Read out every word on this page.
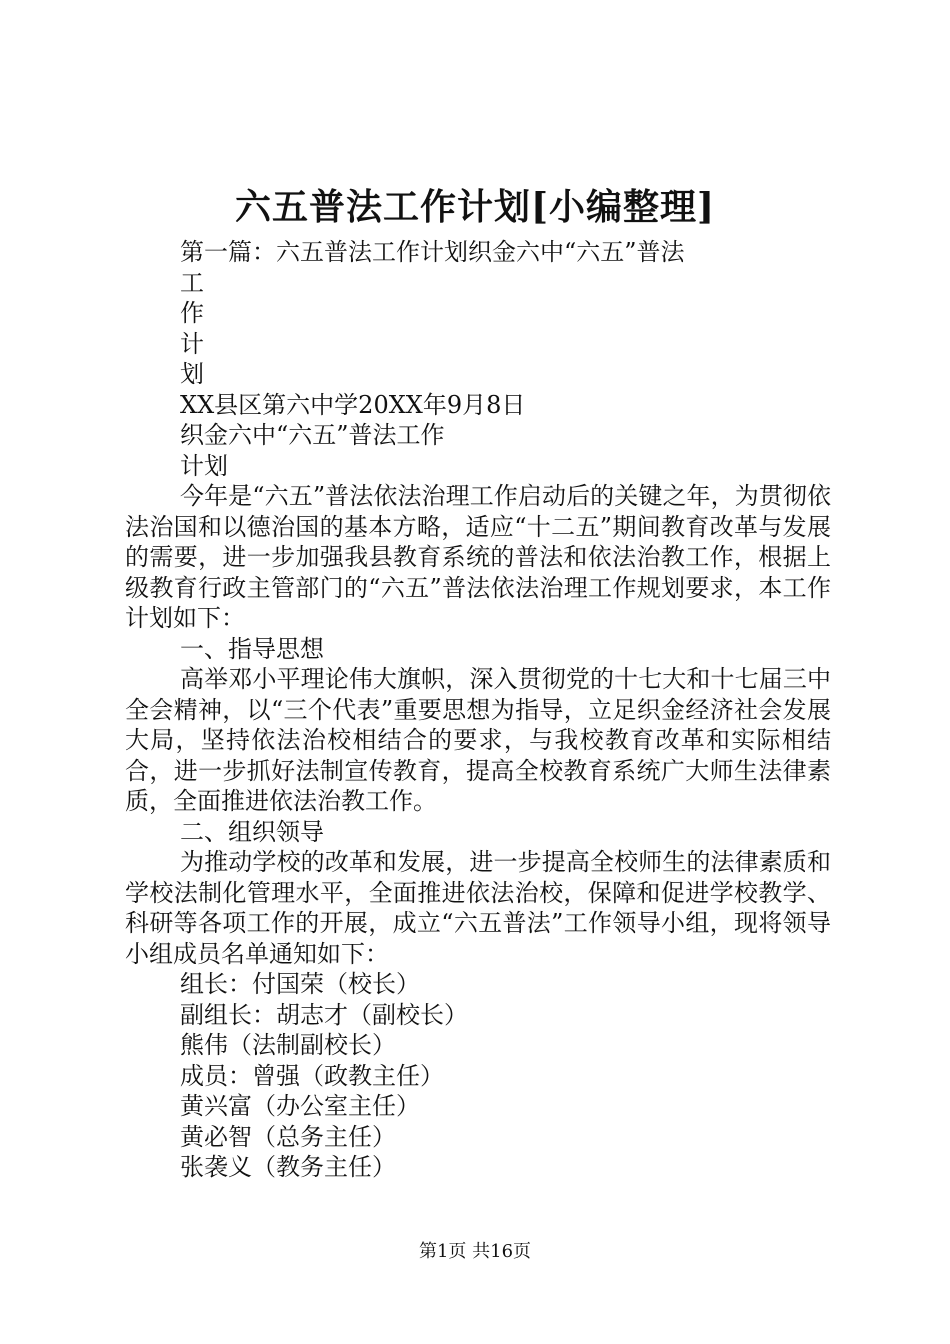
六五普法工作计划[小编整理]

第一篇：六五普法工作计划织金六中“六五”普法

工

作

计

划

XX县区第六中学20XX年9月8日

织金六中“六五”普法工作

计划

今年是“六五”普法依法治理工作启动后的关键之年，为贯彻依法治国和以德治国的基本方略，适应“十二五”期间教育改革与发展的需要，进一步加强我县教育系统的普法和依法治教工作，根据上级教育行政主管部门的“六五”普法依法治理工作规划要求，本工作计划如下：

一、指导思想

高举邓小平理论伟大旗帜，深入贯彻党的十七大和十七届三中全会精神，以“三个代表”重要思想为指导，立足织金经济社会发展大局，坚持依法治校相结合的要求，与我校教育改革和实际相结合，进一步抓好法制宣传教育，提高全校教育系统广大师生法律素质，全面推进依法治教工作。

二、组织领导

为推动学校的改革和发展，进一步提高全校师生的法律素质和学校法制化管理水平，全面推进依法治校，保障和促进学校教学、科研等各项工作的开展，成立“六五普法”工作领导小组，现将领导小组成员名单通知如下：

组长：付国荣（校长）

副组长：胡志才（副校长）

熊伟（法制副校长）

成员：曾强（政教主任）

黄兴富（办公室主任）

黄必智（总务主任）

张袭义（教务主任）

第1页 共16页
